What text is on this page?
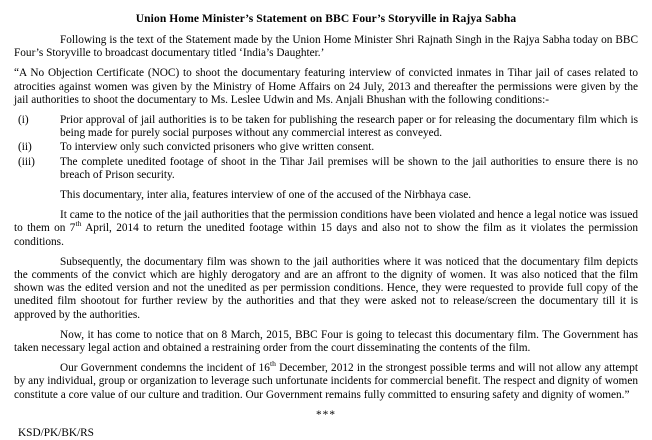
Union Home Minister’s Statement on BBC Four’s Storyville in Rajya Sabha

Following is the text of the Statement made by the Union Home Minister Shri Rajnath Singh in the Rajya Sabha today on BBC Four’s Storyville to broadcast documentary titled ‘India’s Daughter.’

“A No Objection Certificate (NOC) to shoot the documentary featuring interview of convicted inmates in Tihar jail of cases related to atrocities against women was given by the Ministry of Home Affairs on 24 July, 2013 and thereafter the permissions were given by the jail authorities to shoot the documentary to Ms. Leslee Udwin and Ms. Anjali Bhushan with the following conditions:-

(i)	Prior approval of jail authorities is to be taken for publishing the research paper or for releasing the documentary film which is being made for purely social purposes without any commercial interest as conveyed.
(ii)	To interview only such convicted prisoners who give written consent.
(iii)	The complete unedited footage of shoot in the Tihar Jail premises will be shown to the jail authorities to ensure there is no breach of Prison security.

This documentary, inter alia, features interview of one of the accused of the Nirbhaya case.

It came to the notice of the jail authorities that the permission conditions have been violated and hence a legal notice was issued to them on 7th April, 2014 to return the unedited footage within 15 days and also not to show the film as it violates the permission conditions.

Subsequently, the documentary film was shown to the jail authorities where it was noticed that the documentary film depicts the comments of the convict which are highly derogatory and are an affront to the dignity of women. It was also noticed that the film shown was the edited version and not the unedited as per permission conditions. Hence, they were requested to provide full copy of the unedited film shootout for further review by the authorities and that they were asked not to release/screen the documentary till it is approved by the authorities.

Now, it has come to notice that on 8 March, 2015, BBC Four is going to telecast this documentary film. The Government has taken necessary legal action and obtained a restraining order from the court disseminating the contents of the film.

Our Government condemns the incident of 16th December, 2012 in the strongest possible terms and will not allow any attempt by any individual, group or organization to leverage such unfortunate incidents for commercial benefit. The respect and dignity of women constitute a core value of our culture and tradition. Our Government remains fully committed to ensuring safety and dignity of women.”

***
KSD/PK/BK/RS
